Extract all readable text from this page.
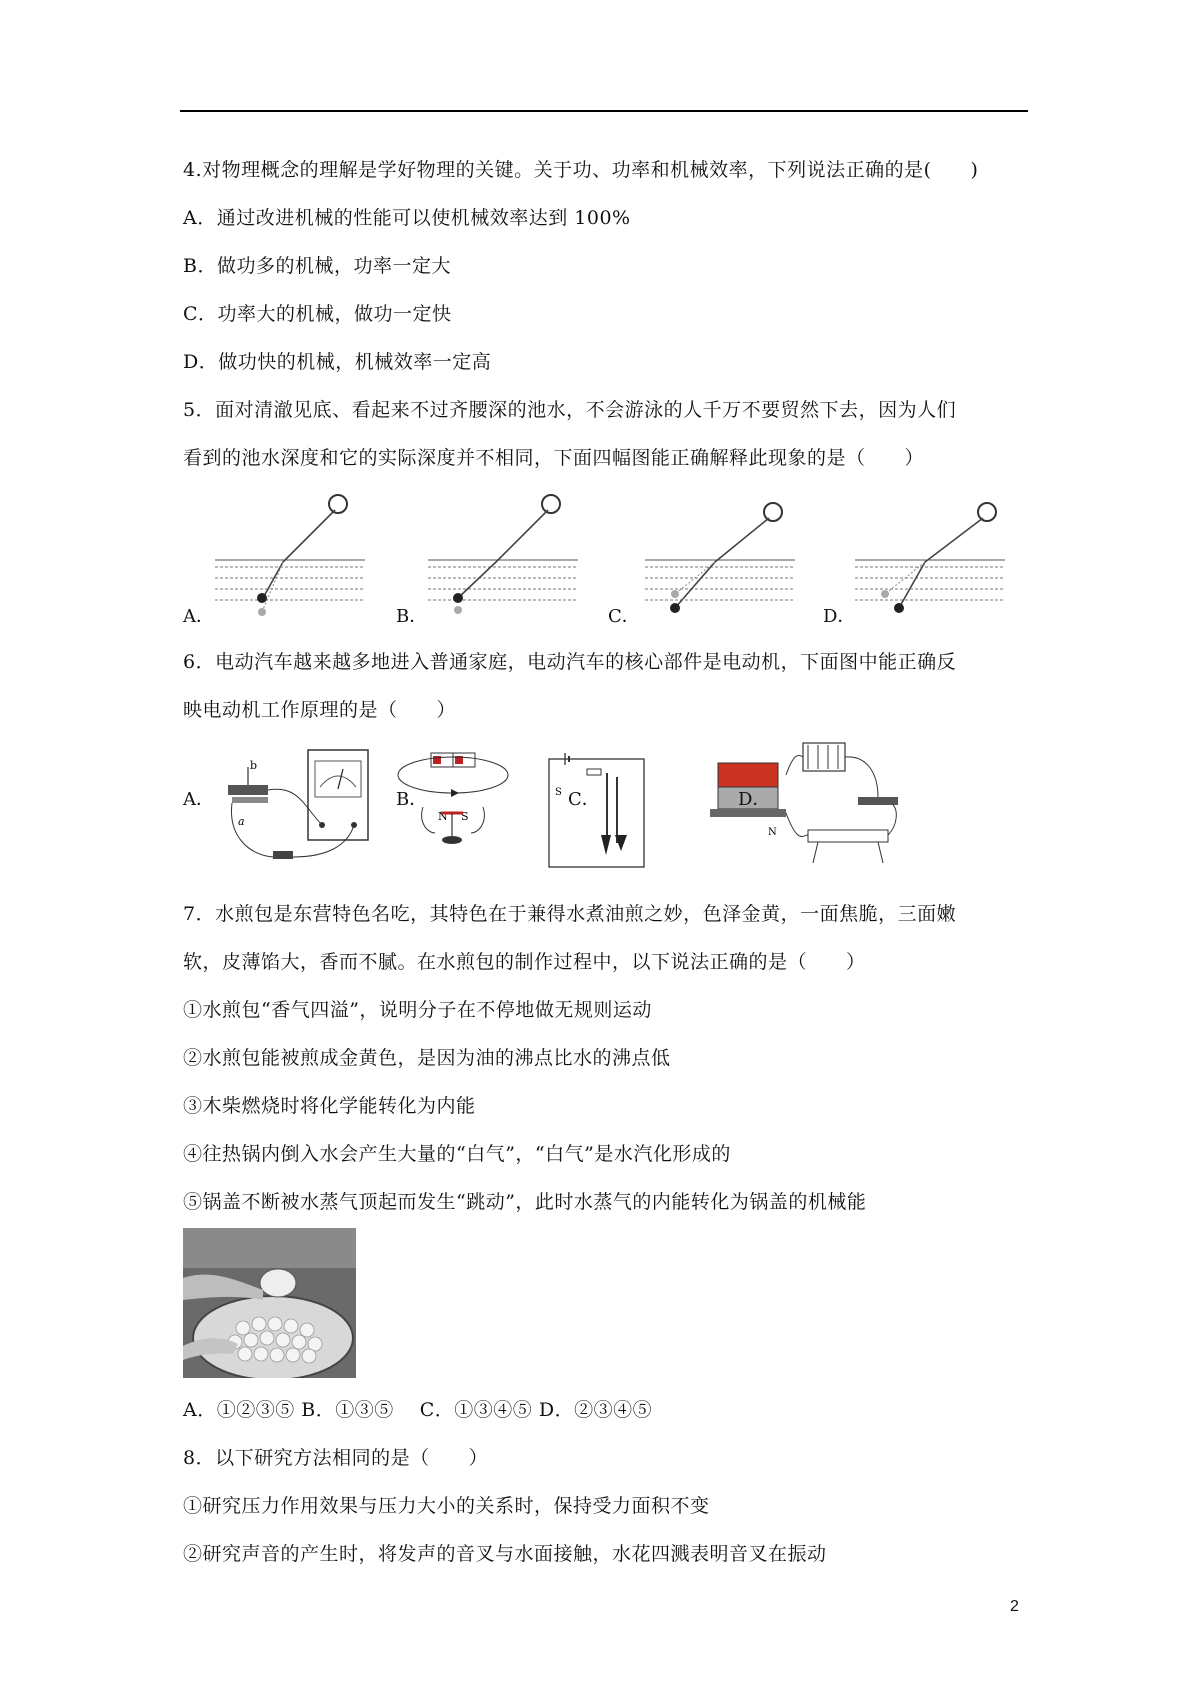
4.对物理概念的理解是学好物理的关键。关于功、功率和机械效率，下列说法正确的是(　　)
A．通过改进机械的性能可以使机械效率达到 100%
B．做功多的机械，功率一定大
C．功率大的机械，做功一定快
D．做功快的机械，机械效率一定高
5．面对清澈见底、看起来不过齐腰深的池水，不会游泳的人千万不要贸然下去，因为人们
看到的池水深度和它的实际深度并不相同，下面四幅图能正确解释此现象的是（　　）
A．	B．	C．	D．
6．电动汽车越来越多地进入普通家庭，电动汽车的核心部件是电动机，下面图中能正确反
映电动机工作原理的是（　　）
b
a	N S
S
N
A．	B．	C．	D．
7．水煎包是东营特色名吃，其特色在于兼得水煮油煎之妙，色泽金黄，一面焦脆，三面嫩
软，皮薄馅大，香而不腻。在水煎包的制作过程中，以下说法正确的是（　　）
①水煎包“香气四溢”，说明分子在不停地做无规则运动
②水煎包能被煎成金黄色，是因为油的沸点比水的沸点低
③木柴燃烧时将化学能转化为内能
④往热锅内倒入水会产生大量的“白气”，“白气”是水汽化形成的
⑤锅盖不断被水蒸气顶起而发生“跳动”，此时水蒸气的内能转化为锅盖的机械能
A．①②③⑤ B．①③⑤　 C．①③④⑤ D．②③④⑤
8．以下研究方法相同的是（　　）
①研究压力作用效果与压力大小的关系时，保持受力面积不变
②研究声音的产生时，将发声的音叉与水面接触，水花四溅表明音叉在振动
2
